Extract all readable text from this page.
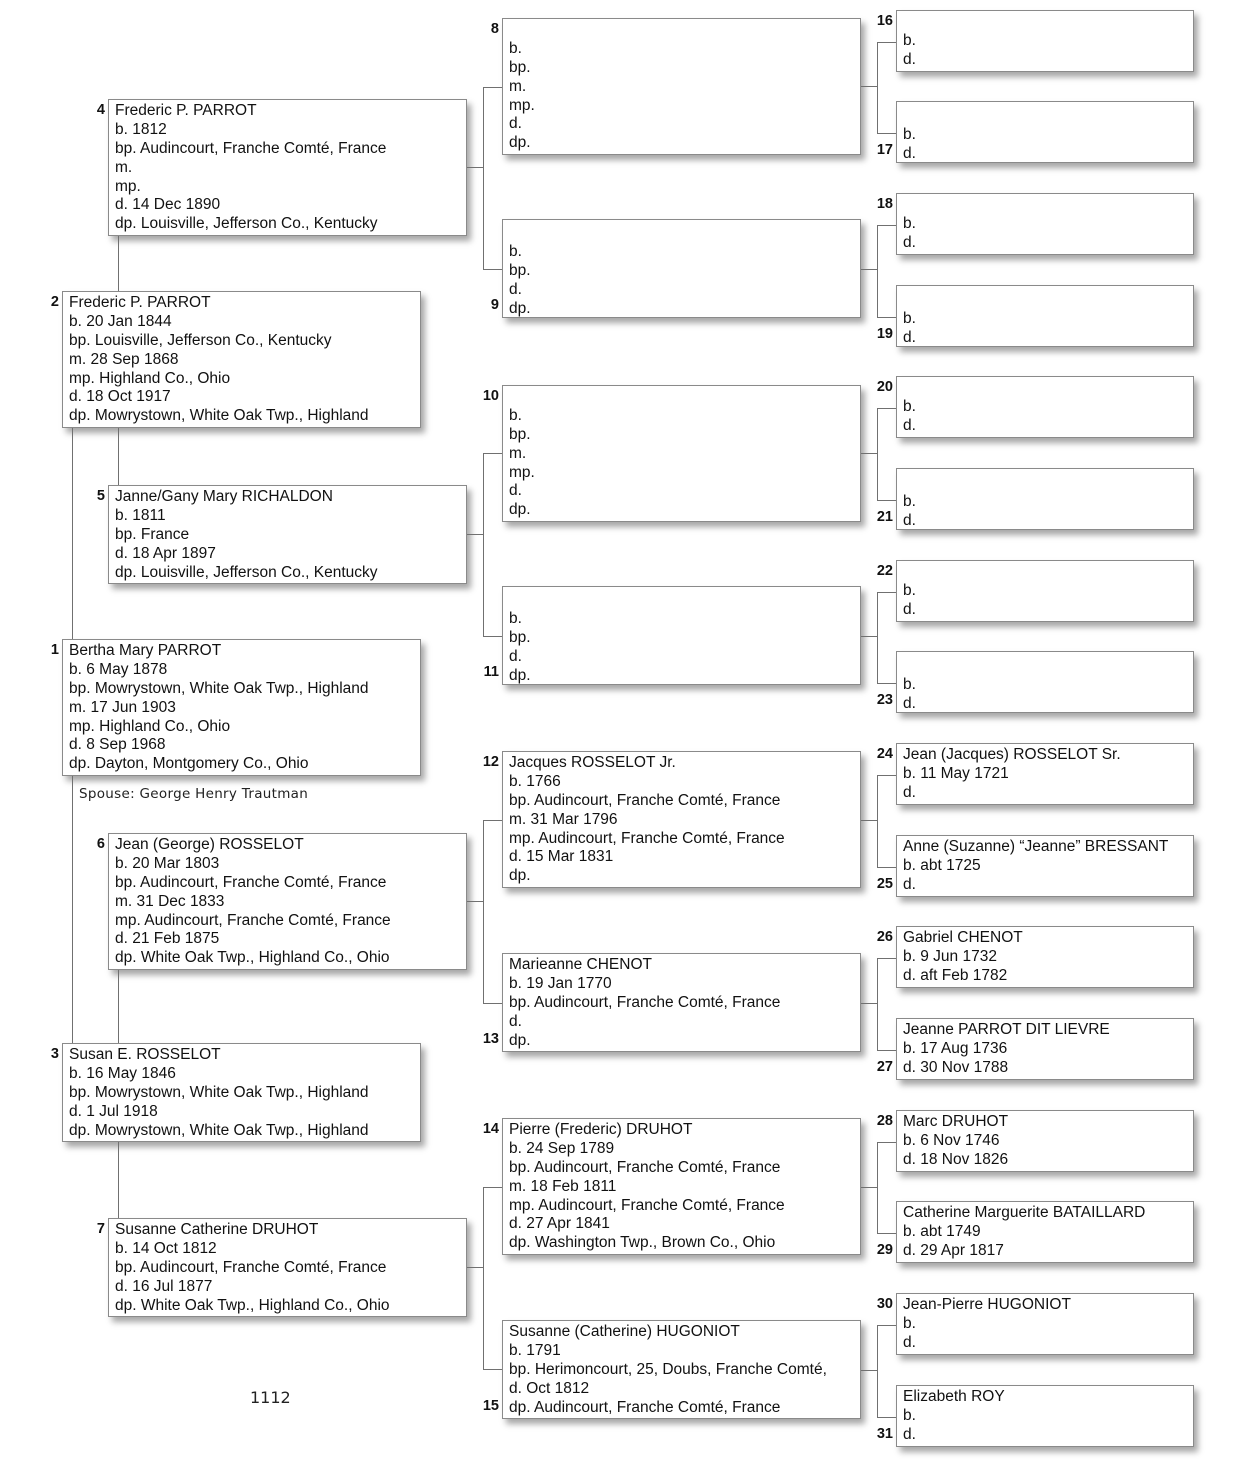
Spouse: George Henry Trautman
1112
Bertha Mary PARROT
b. 6 May 1878
bp. Mowrystown, White Oak Twp., Highland
m. 17 Jun 1903
mp. Highland Co., Ohio
d. 8 Sep 1968
dp. Dayton, Montgomery Co., Ohio
1
Frederic P. PARROT
b. 20 Jan 1844
bp. Louisville, Jefferson Co., Kentucky
m. 28 Sep 1868
mp. Highland Co., Ohio
d. 18 Oct 1917
dp. Mowrystown, White Oak Twp., Highland
2
Susan E. ROSSELOT
b. 16 May 1846
bp. Mowrystown, White Oak Twp., Highland
d. 1 Jul 1918
dp. Mowrystown, White Oak Twp., Highland
3
Frederic P. PARROT
b. 1812
bp. Audincourt, Franche Comté, France
m.
mp.
d. 14 Dec 1890
dp. Louisville, Jefferson Co., Kentucky
4
Janne/Gany Mary RICHALDON
b. 1811
bp. France
d. 18 Apr 1897
dp. Louisville, Jefferson Co., Kentucky
5
Jean (George) ROSSELOT
b. 20 Mar 1803
bp. Audincourt, Franche Comté, France
m. 31 Dec 1833
mp. Audincourt, Franche Comté, France
d. 21 Feb 1875
dp. White Oak Twp., Highland Co., Ohio
6
Susanne Catherine DRUHOT
b. 14 Oct 1812
bp. Audincourt, Franche Comté, France
d. 16 Jul 1877
dp. White Oak Twp., Highland Co., Ohio
7
b.
bp.
m.
mp.
d.
dp.
8
b.
bp.
d.
dp.
9
b.
bp.
m.
mp.
d.
dp.
10
b.
bp.
d.
dp.
11
Jacques ROSSELOT Jr.
b. 1766
bp. Audincourt, Franche Comté, France
m. 31 Mar 1796
mp. Audincourt, Franche Comté, France
d. 15 Mar 1831
dp.
12
Marieanne CHENOT
b. 19 Jan 1770
bp. Audincourt, Franche Comté, France
d.
dp.
13
Pierre (Frederic) DRUHOT
b. 24 Sep 1789
bp. Audincourt, Franche Comté, France
m. 18 Feb 1811
mp. Audincourt, Franche Comté, France
d. 27 Apr 1841
dp. Washington Twp., Brown Co., Ohio
14
Susanne (Catherine) HUGONIOT
b. 1791
bp. Herimoncourt, 25, Doubs, Franche Comté,
d. Oct 1812
dp. Audincourt, Franche Comté, France
15
b.
d.
16
b.
d.
17
b.
d.
18
b.
d.
19
b.
d.
20
b.
d.
21
b.
d.
22
b.
d.
23
Jean (Jacques) ROSSELOT Sr.
b. 11 May 1721
d.
24
Anne (Suzanne) “Jeanne” BRESSANT
b. abt 1725
d.
25
Gabriel CHENOT
b. 9 Jun 1732
d. aft Feb 1782
26
Jeanne PARROT DIT LIEVRE
b. 17 Aug 1736
d. 30 Nov 1788
27
Marc DRUHOT
b. 6 Nov 1746
d. 18 Nov 1826
28
Catherine Marguerite BATAILLARD
b. abt 1749
d. 29 Apr 1817
29
Jean-Pierre HUGONIOT
b.
d.
30
Elizabeth ROY
b.
d.
31
